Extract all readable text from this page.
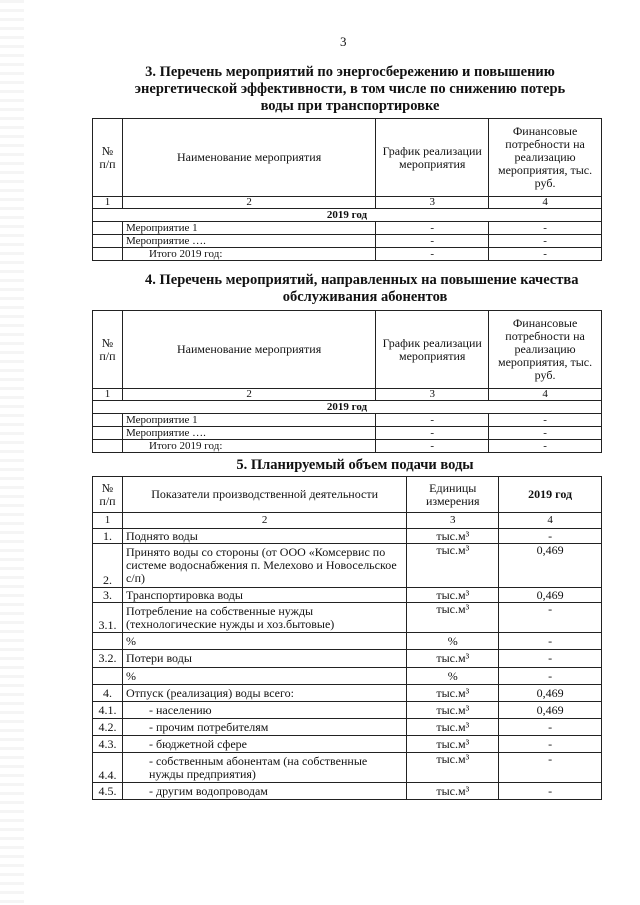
3
3. Перечень мероприятий по энергосбережению и повышению
энергетической эффективности, в том числе по снижению потерь
воды при транспортировке
№ п/п	Наименование мероприятия	График реализации мероприятия	Финансовые потребности на реализацию мероприятия, тыс. руб.
1	2	3	4
2019 год			
	Мероприятие 1	-	-
	Мероприятие ….	-	-
	Итого 2019 год:	-	-
4. Перечень мероприятий, направленных на повышение качества
обслуживания абонентов
№ п/п	Наименование мероприятия	График реализации мероприятия	Финансовые потребности на реализацию мероприятия, тыс. руб.
1	2	3	4
2019 год			
	Мероприятие 1	-	-
	Мероприятие ….	-	-
	Итого 2019 год:	-	-
5. Планируемый объем подачи воды
№ п/п	Показатели производственной деятельности	Единицы измерения	2019 год
1	2	3	4
1.	Поднято воды	тыс.м³	-
2.	Принято воды со стороны (от ООО «Комсервис по системе водоснабжения п. Мелехово и Новосельское с/п)	тыс.м³	0,469
3.	Транспортировка воды	тыс.м³	0,469
3.1.	Потребление на собственные нужды (технологические нужды и хоз.бытовые)	тыс.м³	-
	%	%	-
3.2.	Потери воды	тыс.м³	-
	%	%	-
4.	Отпуск (реализация) воды всего:	тыс.м³	0,469
4.1.	- населению	тыс.м³	0,469
4.2.	- прочим потребителям	тыс.м³	-
4.3.	- бюджетной сфере	тыс.м³	-
4.4.	- собственным абонентам (на собственные нужды предприятия)	тыс.м³	-
4.5.	- другим водопроводам	тыс.м³	-
